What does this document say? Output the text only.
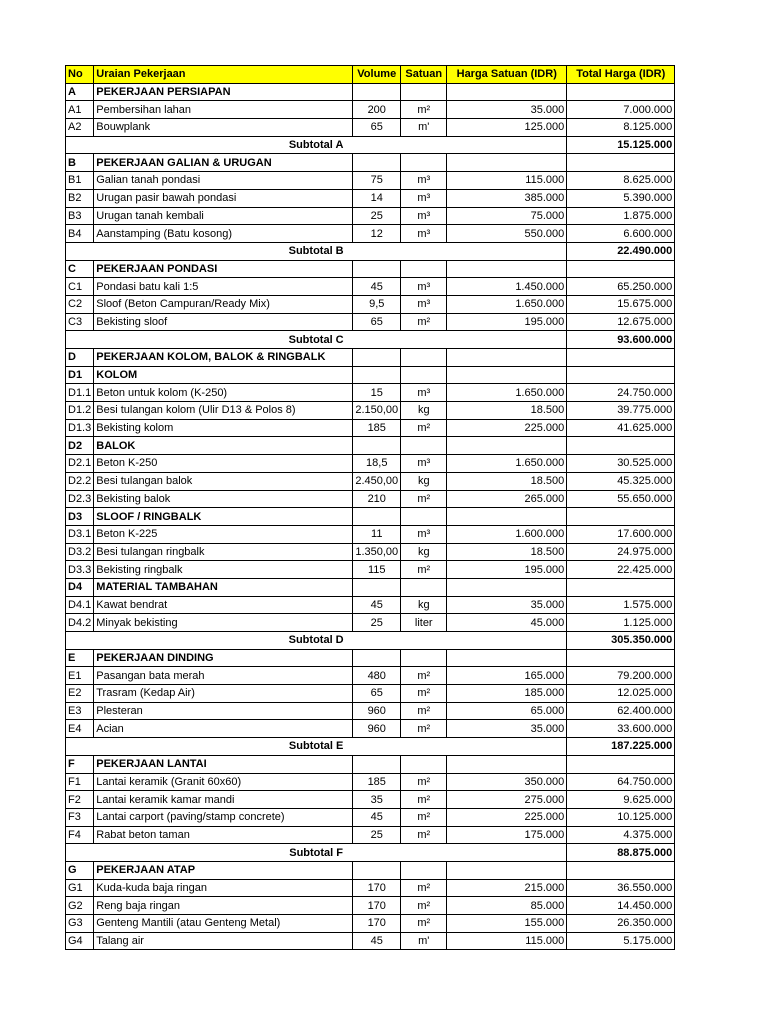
No	Uraian Pekerjaan	Volume	Satuan	Harga Satuan (IDR)	Total Harga (IDR)
A	PEKERJAAN PERSIAPAN				
A1	Pembersihan lahan	200	m²	35.000	7.000.000
A2	Bouwplank	65	m'	125.000	8.125.000
Subtotal A					15.125.000
B	PEKERJAAN GALIAN & URUGAN				
B1	Galian tanah pondasi	75	m³	115.000	8.625.000
B2	Urugan pasir bawah pondasi	14	m³	385.000	5.390.000
B3	Urugan tanah kembali	25	m³	75.000	1.875.000
B4	Aanstamping (Batu kosong)	12	m³	550.000	6.600.000
Subtotal B					22.490.000
C	PEKERJAAN PONDASI				
C1	Pondasi batu kali 1:5	45	m³	1.450.000	65.250.000
C2	Sloof (Beton Campuran/Ready Mix)	9,5	m³	1.650.000	15.675.000
C3	Bekisting sloof	65	m²	195.000	12.675.000
Subtotal C					93.600.000
D	PEKERJAAN KOLOM, BALOK & RINGBALK				
D1	KOLOM				
D1.1	Beton untuk kolom (K-250)	15	m³	1.650.000	24.750.000
D1.2	Besi tulangan kolom (Ulir D13 & Polos 8)	2.150,00	kg	18.500	39.775.000
D1.3	Bekisting kolom	185	m²	225.000	41.625.000
D2	BALOK				
D2.1	Beton K-250	18,5	m³	1.650.000	30.525.000
D2.2	Besi tulangan balok	2.450,00	kg	18.500	45.325.000
D2.3	Bekisting balok	210	m²	265.000	55.650.000
D3	SLOOF / RINGBALK				
D3.1	Beton K-225	11	m³	1.600.000	17.600.000
D3.2	Besi tulangan ringbalk	1.350,00	kg	18.500	24.975.000
D3.3	Bekisting ringbalk	115	m²	195.000	22.425.000
D4	MATERIAL TAMBAHAN				
D4.1	Kawat bendrat	45	kg	35.000	1.575.000
D4.2	Minyak bekisting	25	liter	45.000	1.125.000
Subtotal D					305.350.000
E	PEKERJAAN DINDING				
E1	Pasangan bata merah	480	m²	165.000	79.200.000
E2	Trasram (Kedap Air)	65	m²	185.000	12.025.000
E3	Plesteran	960	m²	65.000	62.400.000
E4	Acian	960	m²	35.000	33.600.000
Subtotal E					187.225.000
F	PEKERJAAN LANTAI				
F1	Lantai keramik (Granit 60x60)	185	m²	350.000	64.750.000
F2	Lantai keramik kamar mandi	35	m²	275.000	9.625.000
F3	Lantai carport (paving/stamp concrete)	45	m²	225.000	10.125.000
F4	Rabat beton taman	25	m²	175.000	4.375.000
Subtotal F					88.875.000
G	PEKERJAAN ATAP				
G1	Kuda-kuda baja ringan	170	m²	215.000	36.550.000
G2	Reng baja ringan	170	m²	85.000	14.450.000
G3	Genteng Mantili (atau Genteng Metal)	170	m²	155.000	26.350.000
G4	Talang air	45	m'	115.000	5.175.000
